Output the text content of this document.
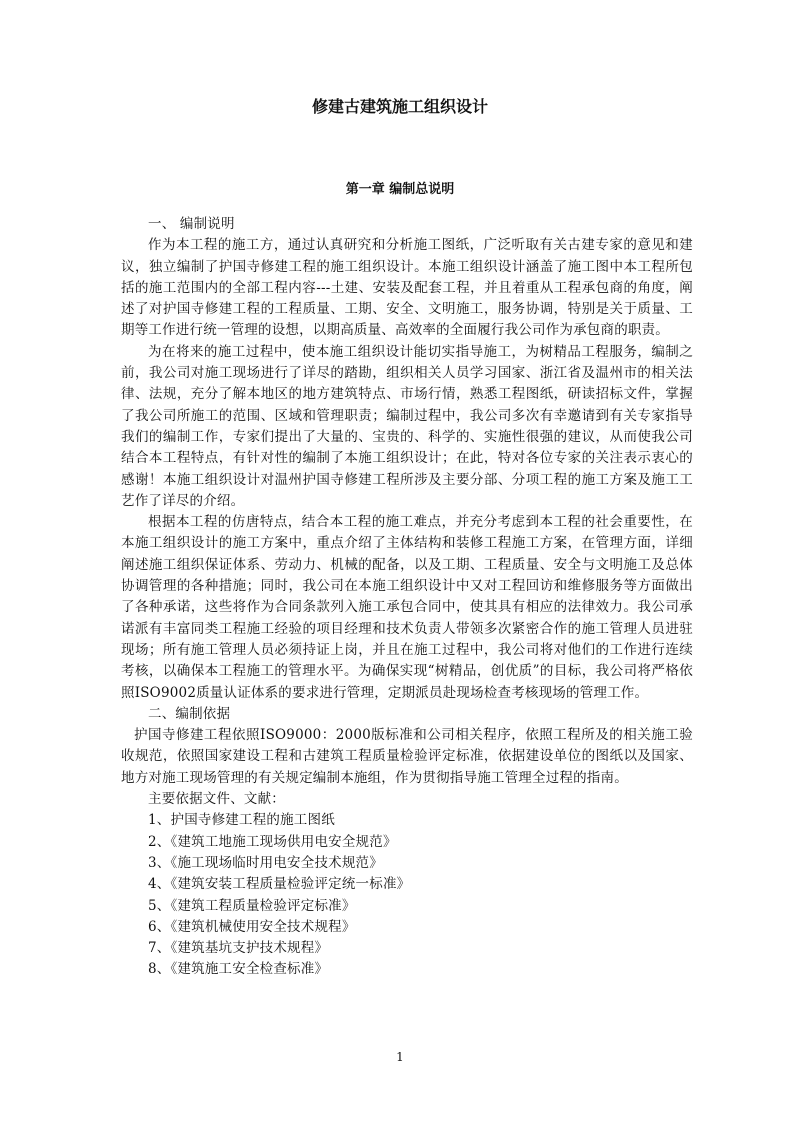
修建古建筑施工组织设计
第一章 编制总说明

一、 编制说明

作为本工程的施工方，通过认真研究和分析施工图纸，广泛听取有关古建专家的意见和建议，独立编制了护国寺修建工程的施工组织设计。本施工组织设计涵盖了施工图中本工程所包括的施工范围内的全部工程内容---土建、安装及配套工程，并且着重从工程承包商的角度，阐述了对护国寺修建工程的工程质量、工期、安全、文明施工，服务协调，特别是关于质量、工期等工作进行统一管理的设想，以期高质量、高效率的全面履行我公司作为承包商的职责。

为在将来的施工过程中，使本施工组织设计能切实指导施工，为树精品工程服务，编制之前，我公司对施工现场进行了详尽的踏勘，组织相关人员学习国家、浙江省及温州市的相关法律、法规，充分了解本地区的地方建筑特点、市场行情，熟悉工程图纸，研读招标文件，掌握了我公司所施工的范围、区域和管理职责；编制过程中，我公司多次有幸邀请到有关专家指导我们的编制工作，专家们提出了大量的、宝贵的、科学的、实施性很强的建议，从而使我公司结合本工程特点，有针对性的编制了本施工组织设计；在此，特对各位专家的关注表示衷心的感谢！本施工组织设计对温州护国寺修建工程所涉及主要分部、分项工程的施工方案及施工工艺作了详尽的介绍。

根据本工程的仿唐特点，结合本工程的施工难点，并充分考虑到本工程的社会重要性，在本施工组织设计的施工方案中，重点介绍了主体结构和装修工程施工方案，在管理方面，详细阐述施工组织保证体系、劳动力、机械的配备，以及工期、工程质量、安全与文明施工及总体协调管理的各种措施；同时，我公司在本施工组织设计中又对工程回访和维修服务等方面做出了各种承诺，这些将作为合同条款列入施工承包合同中，使其具有相应的法律效力。我公司承诺派有丰富同类工程施工经验的项目经理和技术负责人带领多次紧密合作的施工管理人员进驻现场；所有施工管理人员必须持证上岗，并且在施工过程中，我公司将对他们的工作进行连续考核，以确保本工程施工的管理水平。为确保实现“树精品，创优质”的目标，我公司将严格依照ISO9002质量认证体系的要求进行管理，定期派员赴现场检查考核现场的管理工作。

二、编制依据

护国寺修建工程依照ISO9000：2000版标准和公司相关程序，依照工程所及的相关施工验收规范，依照国家建设工程和古建筑工程质量检验评定标准，依据建设单位的图纸以及国家、地方对施工现场管理的有关规定编制本施组，作为贯彻指导施工管理全过程的指南。

主要依据文件、文献：

1、护国寺修建工程的施工图纸

2、《建筑工地施工现场供用电安全规范》

3、《施工现场临时用电安全技术规范》

4、《建筑安装工程质量检验评定统一标准》

5、《建筑工程质量检验评定标准》

6、《建筑机械使用安全技术规程》

7、《建筑基坑支护技术规程》

8、《建筑施工安全检查标准》

1
